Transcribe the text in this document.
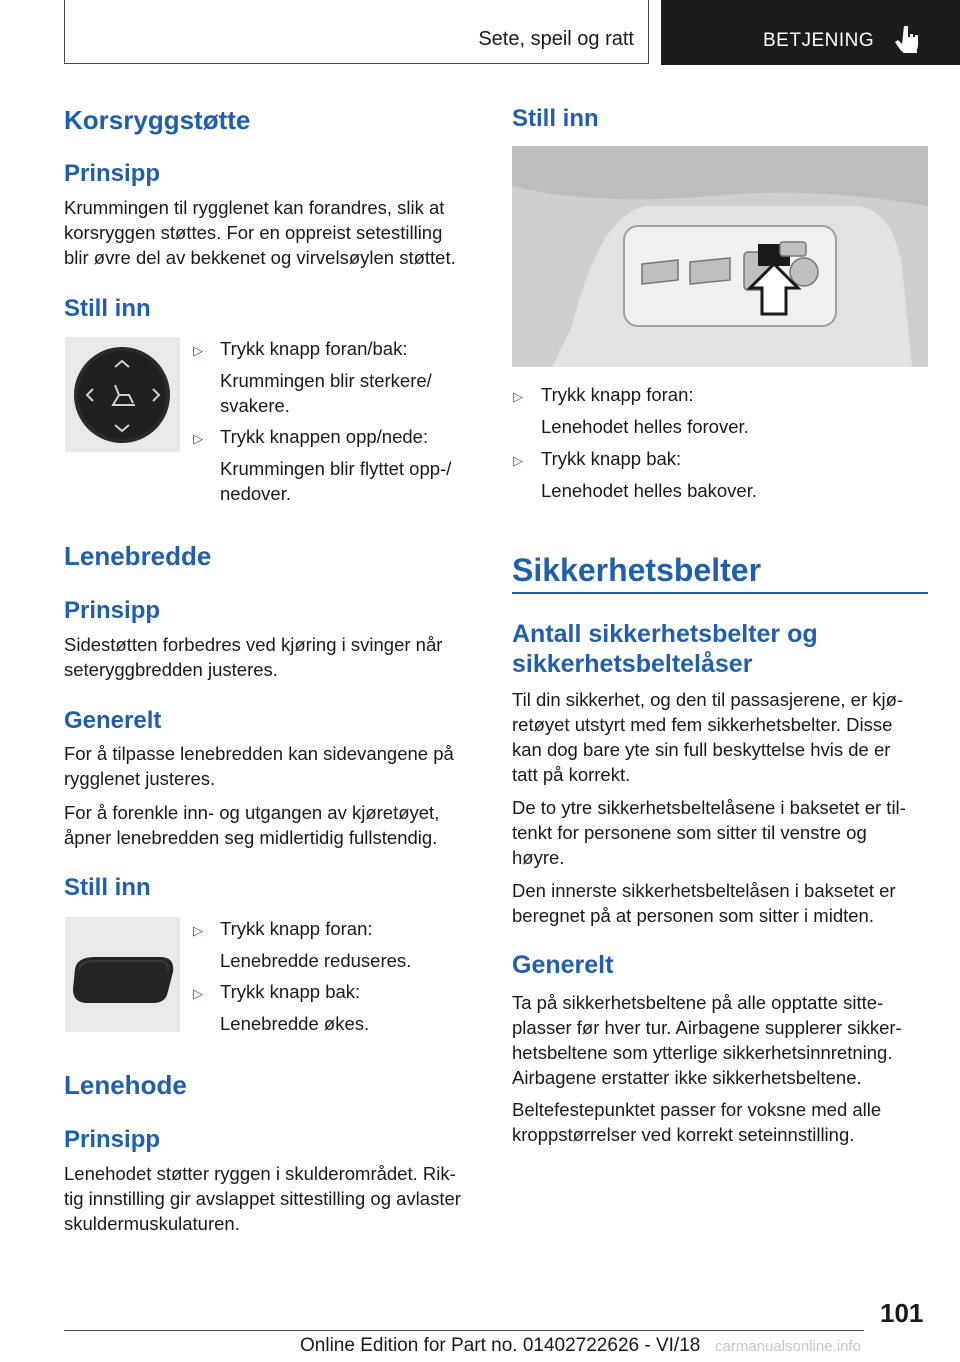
Sete, speil og ratt	BETJENING
Korsryggstøtte
Prinsipp

Krummingen til rygglenet kan forandres, slik at

korsryggen støttes. For en oppreist setestilling

blir øvre del av bekkenet og virvelsøylen støttet.

Still inn
▷ Trykk knapp foran/bak:
Krummingen blir sterkere/
svakere.
▷ Trykk knappen opp/nede:
Krummingen blir flyttet opp-/
nedover.
Lenebredde
Prinsipp

Sidestøtten forbedres ved kjøring i svinger når

seteryggbredden justeres.

Generelt

For å tilpasse lenebredden kan sidevangene på

rygglenet justeres.

For å forenkle inn- og utgangen av kjøretøyet,

åpner lenebredden seg midlertidig fullstendig.

Still inn
▷ Trykk knapp foran:
Lenebredde reduseres.
▷ Trykk knapp bak:
Lenebredde økes.
Lenehode
Prinsipp

Lenehodet støtter ryggen i skulderområdet. Rik-

tig innstilling gir avslappet sittestilling og avlaster

skuldermuskulaturen.

Still inn
▷ Trykk knapp foran:
Lenehodet helles forover.
▷ Trykk knapp bak:
Lenehodet helles bakover.
Sikkerhetsbelter
Antall sikkerhetsbelter og
sikkerhetsbeltelåser

Til din sikkerhet, og den til passasjerene, er kjø-

retøyet utstyrt med fem sikkerhetsbelter. Disse

kan dog bare yte sin full beskyttelse hvis de er

tatt på korrekt.

De to ytre sikkerhetsbeltelåsene i baksetet er til-

tenkt for personene som sitter til venstre og

høyre.

Den innerste sikkerhetsbeltelåsen i baksetet er

beregnet på at personen som sitter i midten.

Generelt

Ta på sikkerhetsbeltene på alle opptatte sitte-

plasser før hver tur. Airbagene supplerer sikker-

hetsbeltene som ytterlige sikkerhetsinnretning.

Airbagene erstatter ikke sikkerhetsbeltene.

Beltefestepunktet passer for voksne med alle

kroppstørrelser ved korrekt seteinnstilling.

101
Online Edition for Part no. 01402722626 - VI/18 carmanualsonline.info
